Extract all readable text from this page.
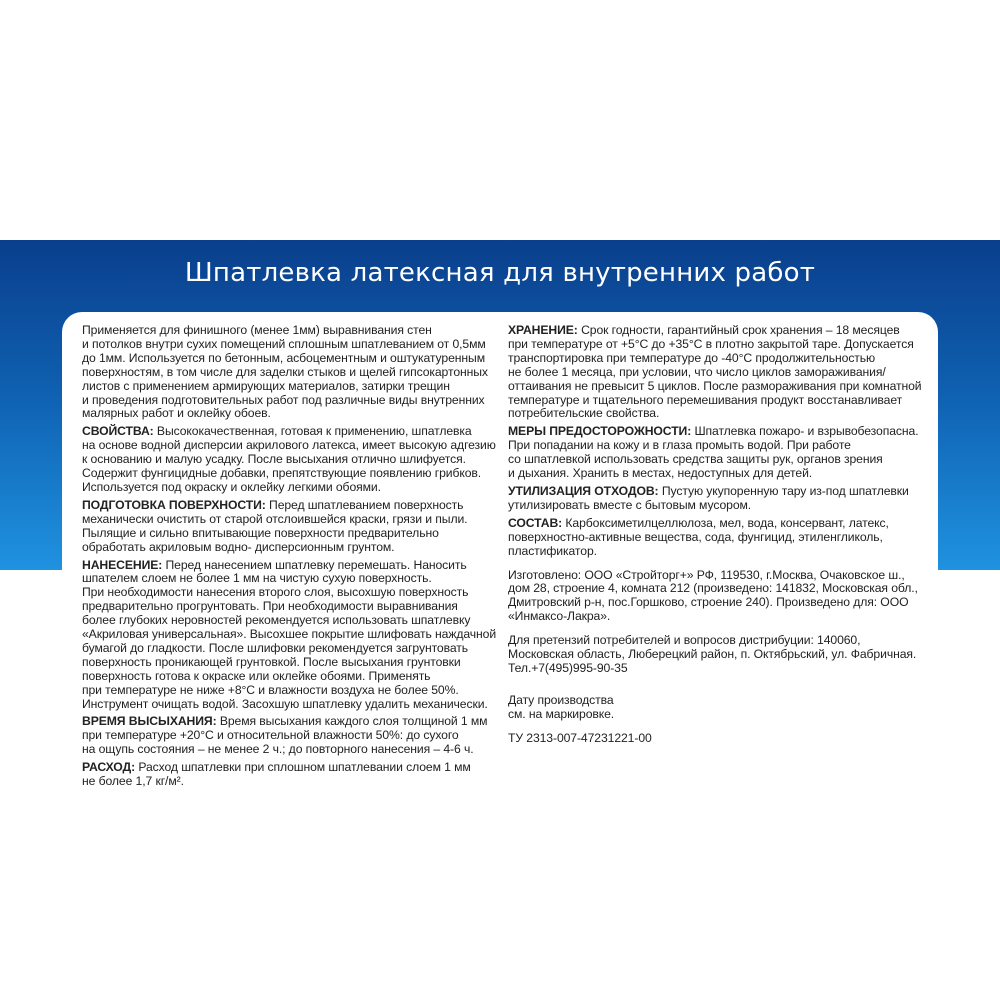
Шпатлевка латексная для внутренних работ
Применяется для финишного (менее 1мм) выравнивания стен
и потолков внутри сухих помещений сплошным шпатлеванием от 0,5мм
до 1мм. Используется по бетонным, асбоцементным и оштукатуренным
поверхностям, в том числе для заделки стыков и щелей гипсокартонных
листов с применением армирующих материалов, затирки трещин
и проведения подготовительных работ под различные виды внутренних
малярных работ и оклейку обоев.
СВОЙСТВА: Высококачественная, готовая к применению, шпатлевка
на основе водной дисперсии акрилового латекса, имеет высокую адгезию
к основанию и малую усадку. После высыхания отлично шлифуется.
Содержит фунгицидные добавки, препятствующие появлению грибков.
Используется под окраску и оклейку легкими обоями.
ПОДГОТОВКА ПОВЕРХНОСТИ: Перед шпатлеванием поверхность
механически очистить от старой отслоившейся краски, грязи и пыли.
Пылящие и сильно впитывающие поверхности предварительно
обработать акриловым водно- дисперсионным грунтом.
НАНЕСЕНИЕ: Перед нанесением шпатлевку перемешать. Наносить
шпателем слоем не более 1 мм на чистую сухую поверхность.
При необходимости нанесения второго слоя, высохшую поверхность
предварительно прогрунтовать. При необходимости выравнивания
более глубоких неровностей рекомендуется использовать шпатлевку
«Акриловая универсальная». Высохшее покрытие шлифовать наждачной
бумагой до гладкости. После шлифовки рекомендуется загрунтовать
поверхность проникающей грунтовкой. После высыхания грунтовки
поверхность готова к окраске или оклейке обоями. Применять
при температуре не ниже +8°С и влажности воздуха не более 50%.
Инструмент очищать водой. Засохшую шпатлевку удалить механически.
ВРЕМЯ ВЫСЫХАНИЯ: Время высыхания каждого слоя толщиной 1 мм
при температуре +20°С и относительной влажности 50%: до сухого
на ощупь состояния – не менее 2 ч.; до повторного нанесения – 4-6 ч.
РАСХОД: Расход шпатлевки при сплошном шпатлевании слоем 1 мм
не более 1,7 кг/м².
ХРАНЕНИЕ: Срок годности, гарантийный срок хранения – 18 месяцев
при температуре от +5°С до +35°С в плотно закрытой таре. Допускается
транспортировка при температуре до -40°С продолжительностью
не более 1 месяца, при условии, что число циклов замораживания/
оттаивания не превысит 5 циклов. После размораживания при комнатной
температуре и тщательного перемешивания продукт восстанавливает
потребительские свойства.
МЕРЫ ПРЕДОСТОРОЖНОСТИ: Шпатлевка пожаро- и взрывобезопасна.
При попадании на кожу и в глаза промыть водой. При работе
со шпатлевкой использовать средства защиты рук, органов зрения
и дыхания. Хранить в местах, недоступных для детей.
УТИЛИЗАЦИЯ ОТХОДОВ: Пустую укупоренную тару из-под шпатлевки
утилизировать вместе с бытовым мусором.
СОСТАВ: Карбоксиметилцеллюлоза, мел, вода, консервант, латекс,
поверхностно-активные вещества, сода, фунгицид, этиленгликоль,
пластификатор.
Изготовлено: ООО «Стройторг+» РФ, 119530, г.Москва, Очаковское ш.,
дом 28, строение 4, комната 212 (произведено: 141832, Московская обл.,
Дмитровский р-н, пос.Горшково, строение 240). Произведено для: ООО
«Инмаксо-Лакра».
Для претензий потребителей и вопросов дистрибуции: 140060,
Московская область, Люберецкий район, п. Октябрьский, ул. Фабричная.
Тел.+7(495)995-90-35
Дату производства
см. на маркировке.
ТУ 2313-007-47231221-00
